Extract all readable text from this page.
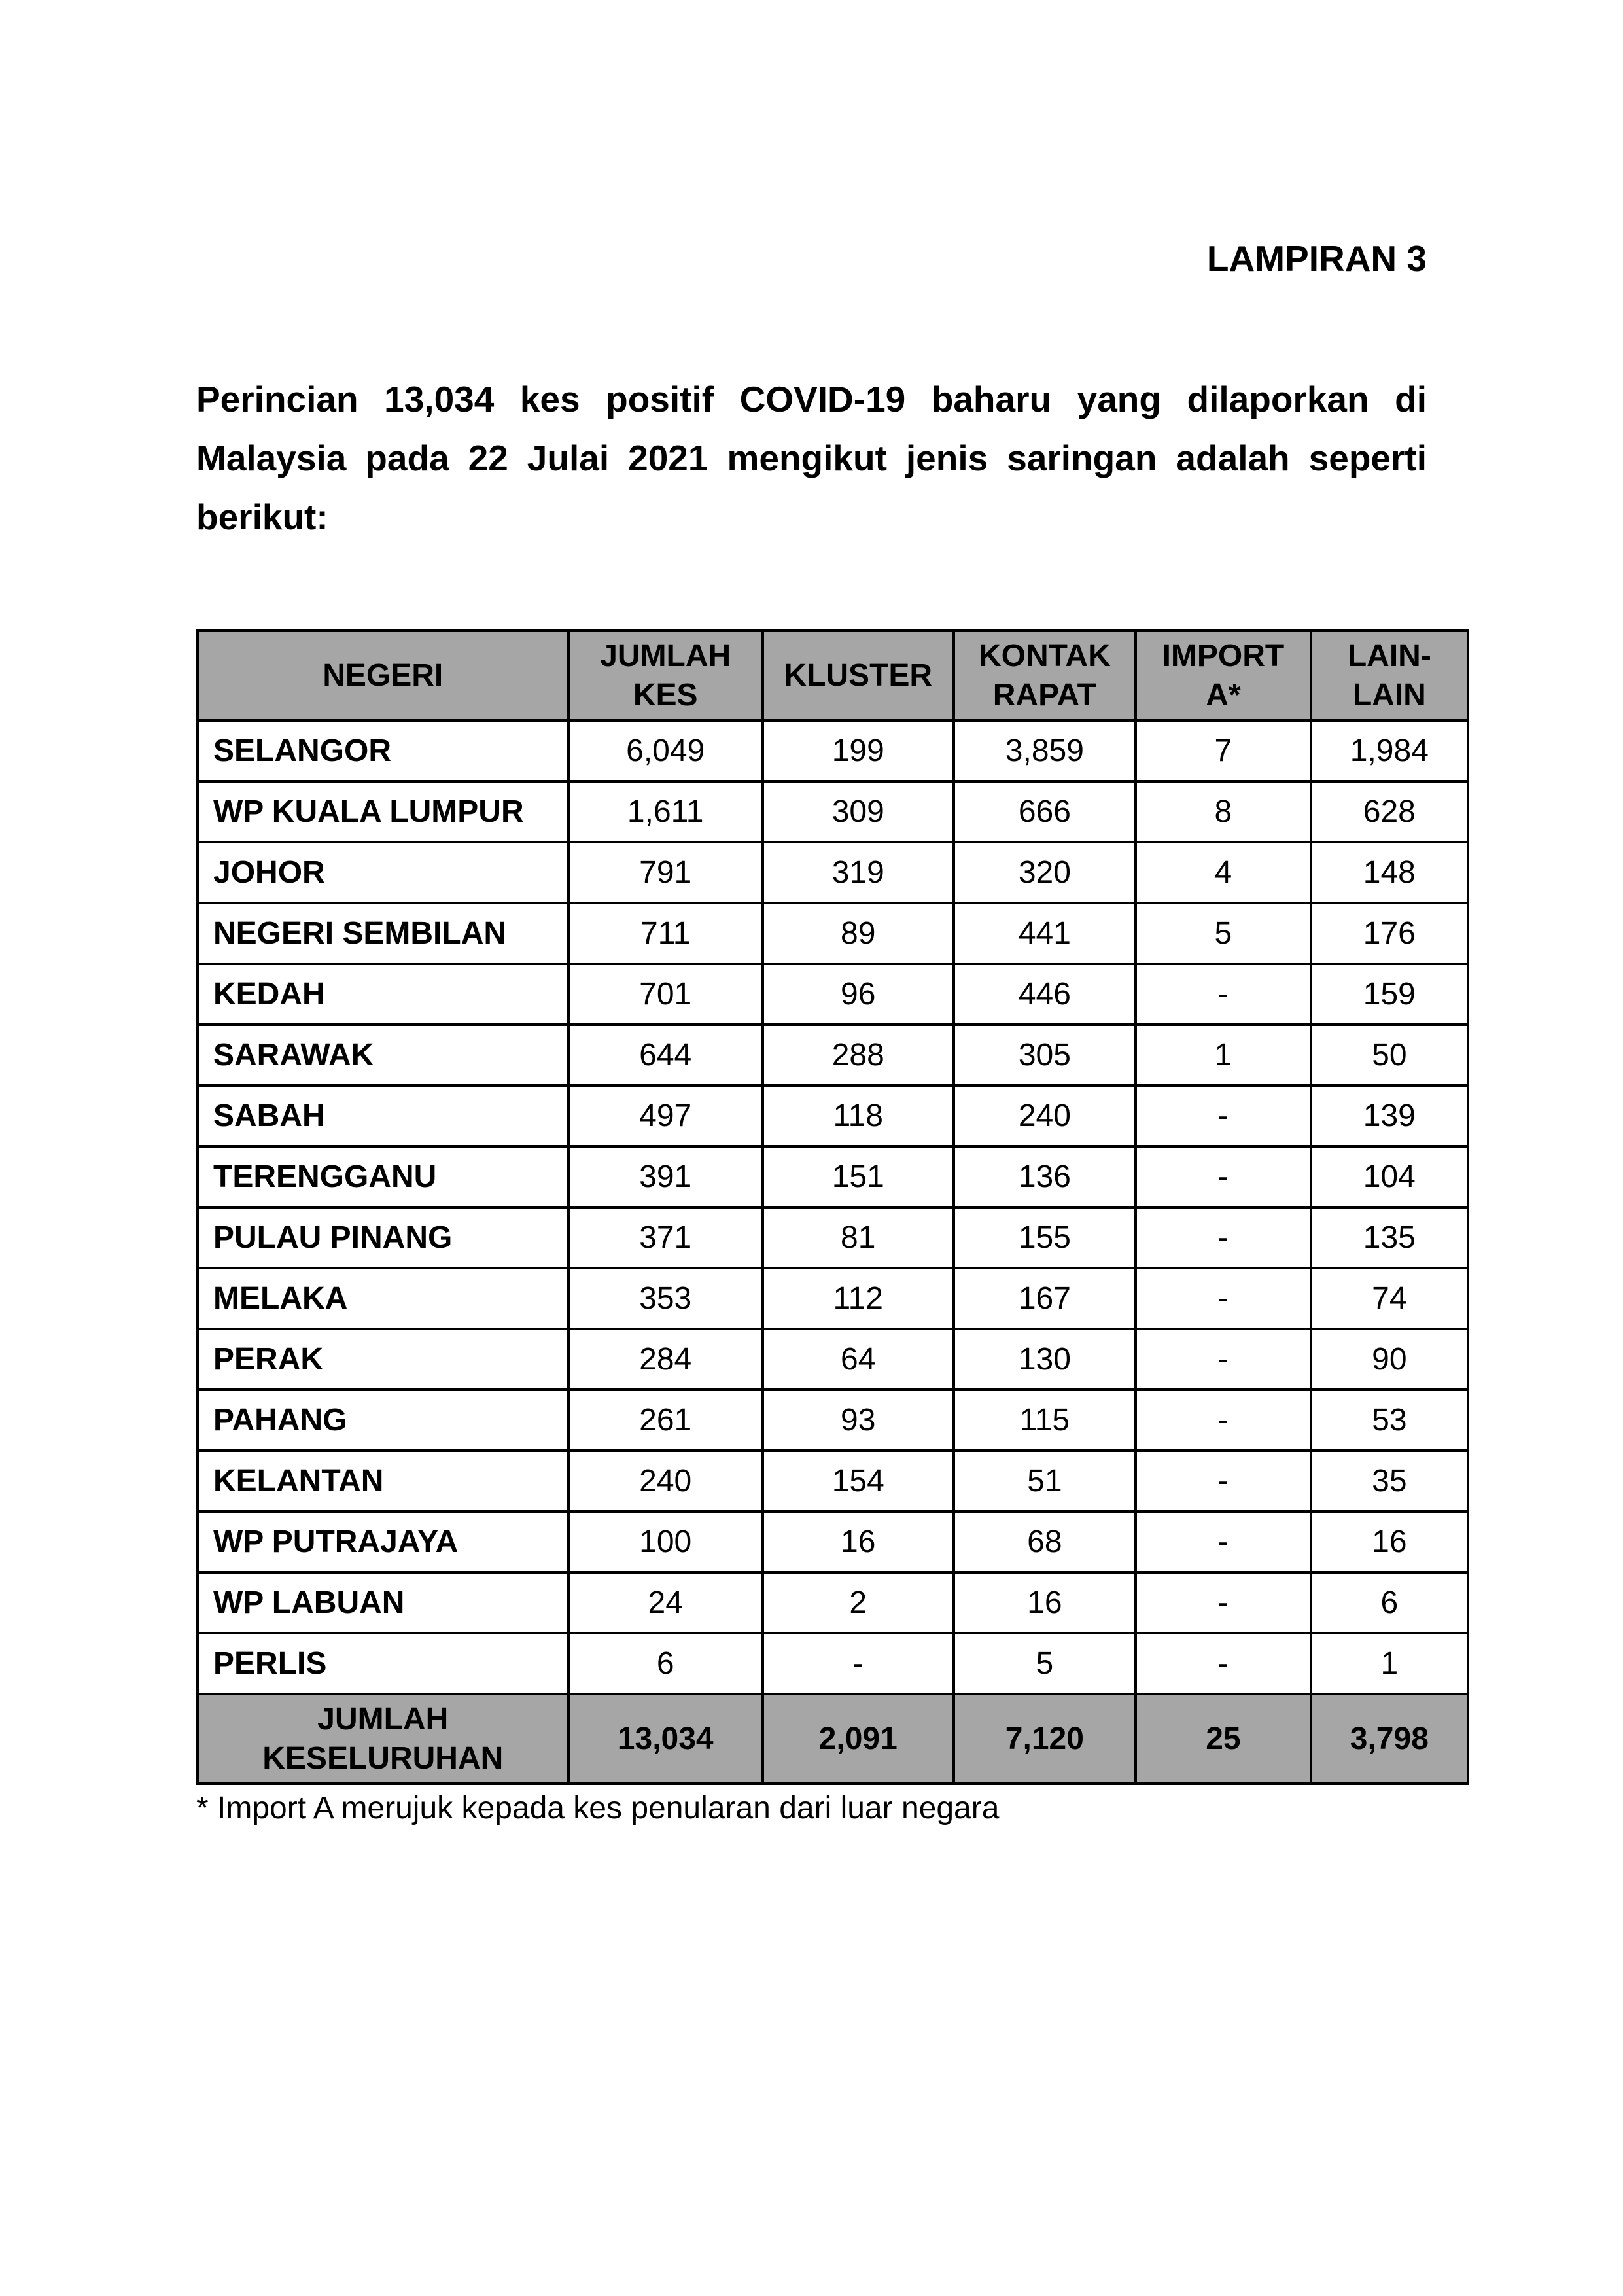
LAMPIRAN 3

Perincian 13,034 kes positif COVID-19 baharu yang dilaporkan di Malaysia pada 22 Julai 2021 mengikut jenis saringan adalah seperti berikut:

NEGERI	JUMLAH KES	KLUSTER	KONTAK RAPAT	IMPORT A*	LAIN-LAIN
SELANGOR	6,049	199	3,859	7	1,984
WP KUALA LUMPUR	1,611	309	666	8	628
JOHOR	791	319	320	4	148
NEGERI SEMBILAN	711	89	441	5	176
KEDAH	701	96	446	-	159
SARAWAK	644	288	305	1	50
SABAH	497	118	240	-	139
TERENGGANU	391	151	136	-	104
PULAU PINANG	371	81	155	-	135
MELAKA	353	112	167	-	74
PERAK	284	64	130	-	90
PAHANG	261	93	115	-	53
KELANTAN	240	154	51	-	35
WP PUTRAJAYA	100	16	68	-	16
WP LABUAN	24	2	16	-	6
PERLIS	6	-	5	-	1
JUMLAH KESELURUHAN	13,034	2,091	7,120	25	3,798
* Import A merujuk kepada kes penularan dari luar negara
